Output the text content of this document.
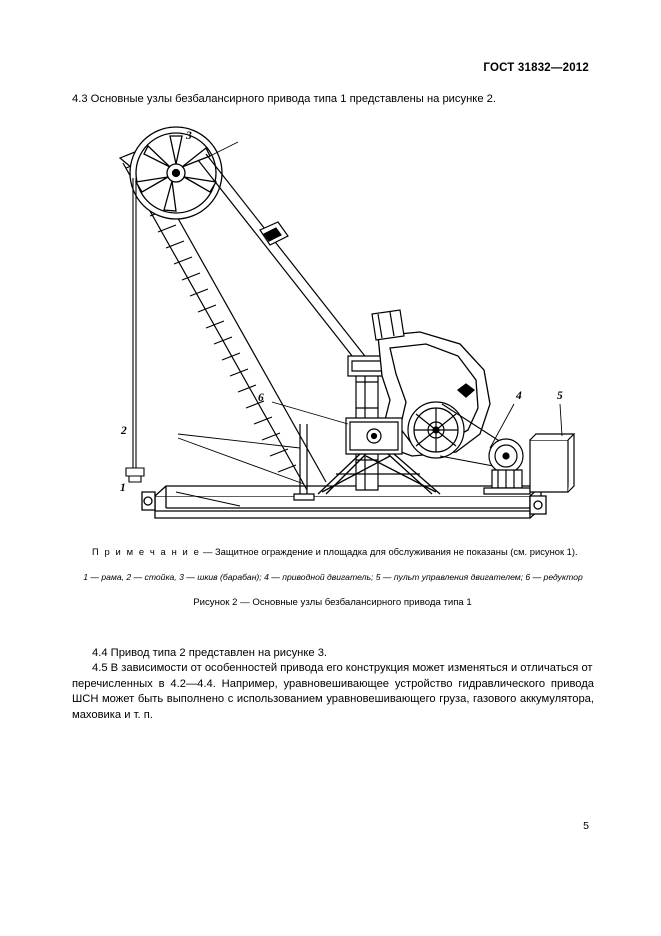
ГОСТ 31832—2012
4.3 Основные узлы безбалансирного привода типа 1 представлены на рисунке 2.
3
2
1
6	4	5
П р и м е ч а н и е — Защитное ограждение и площадка для обслуживания не показаны (см. рисунок 1).
1 — рама, 2 — стойка, 3 — шкив (барабан); 4 — приводной двигатель; 5 — пульт управления двигателем; 6 — редуктор
Рисунок 2 — Основные узлы безбалансирного привода типа 1
4.4 Привод типа 2 представлен на рисунке 3.
4.5 В зависимости от особенностей привода его конструкция может изменяться и отличаться от
перечисленных в 4.2—4.4. Например, уравновешивающее устройство гидравлического привода ШСН может быть выполнено с использованием уравновешивающего груза, газового аккумулятора, маховика и т. п.
5
